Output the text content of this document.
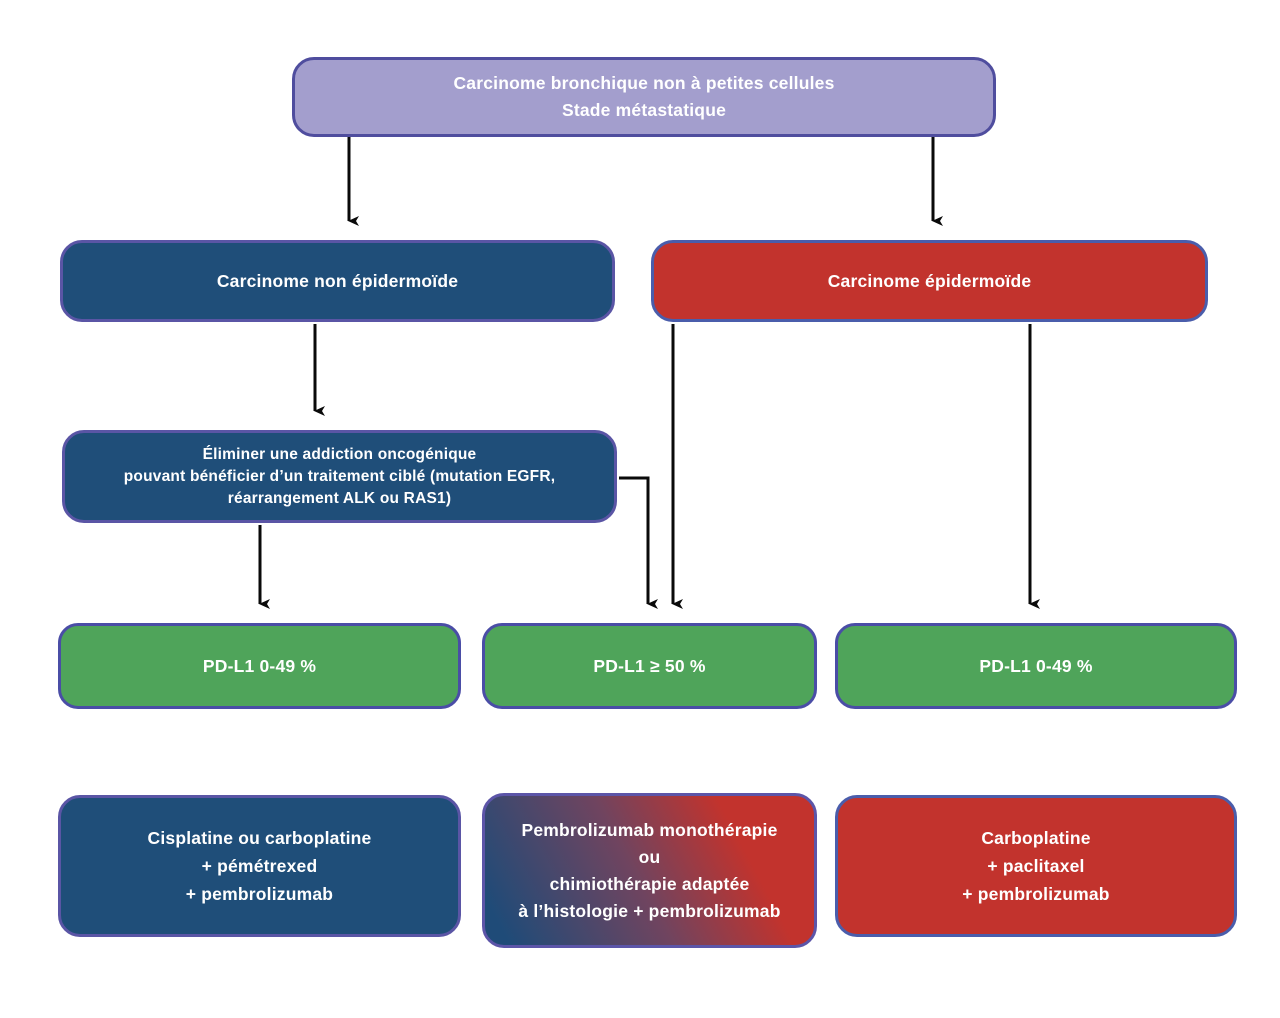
Carcinome bronchique non à petites cellules
Stade métastatique
Carcinome non épidermoïde	Carcinome épidermoïde
Éliminer une addiction oncogénique
pouvant bénéficier d’un traitement ciblé (mutation EGFR,
réarrangement ALK ou RAS1)
PD-L1 0-49 %	PD-L1 ≥ 50 %	PD-L1 0-49 %
Cisplatine ou carboplatine
+ pémétrexed
+ pembrolizumab
Pembrolizumab monothérapie
ou
chimiothérapie adaptée
à l’histologie + pembrolizumab
Carboplatine
+ paclitaxel
+ pembrolizumab
